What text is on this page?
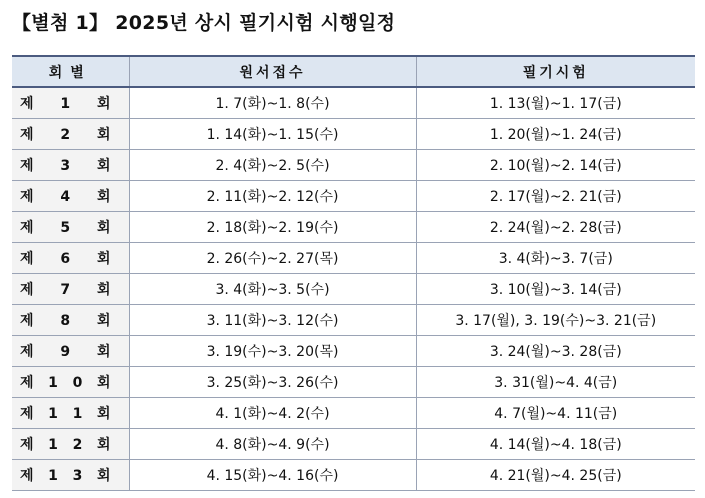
【별첨 1】 2025년 상시 필기시험 시행일정
회별	원서접수	필기시험
제 1 회	1. 7(화)~1. 8(수)	1. 13(월)~1. 17(금)
제 2 회	1. 14(화)~1. 15(수)	1. 20(월)~1. 24(금)
제 3 회	2. 4(화)~2. 5(수)	2. 10(월)~2. 14(금)
제 4 회	2. 11(화)~2. 12(수)	2. 17(월)~2. 21(금)
제 5 회	2. 18(화)~2. 19(수)	2. 24(월)~2. 28(금)
제 6 회	2. 26(수)~2. 27(목)	3. 4(화)~3. 7(금)
제 7 회	3. 4(화)~3. 5(수)	3. 10(월)~3. 14(금)
제 8 회	3. 11(화)~3. 12(수)	3. 17(월), 3. 19(수)~3. 21(금)
제 9 회	3. 19(수)~3. 20(목)	3. 24(월)~3. 28(금)
제 1 0 회	3. 25(화)~3. 26(수)	3. 31(월)~4. 4(금)
제 1 1 회	4. 1(화)~4. 2(수)	4. 7(월)~4. 11(금)
제 1 2 회	4. 8(화)~4. 9(수)	4. 14(월)~4. 18(금)
제 1 3 회	4. 15(화)~4. 16(수)	4. 21(월)~4. 25(금)
